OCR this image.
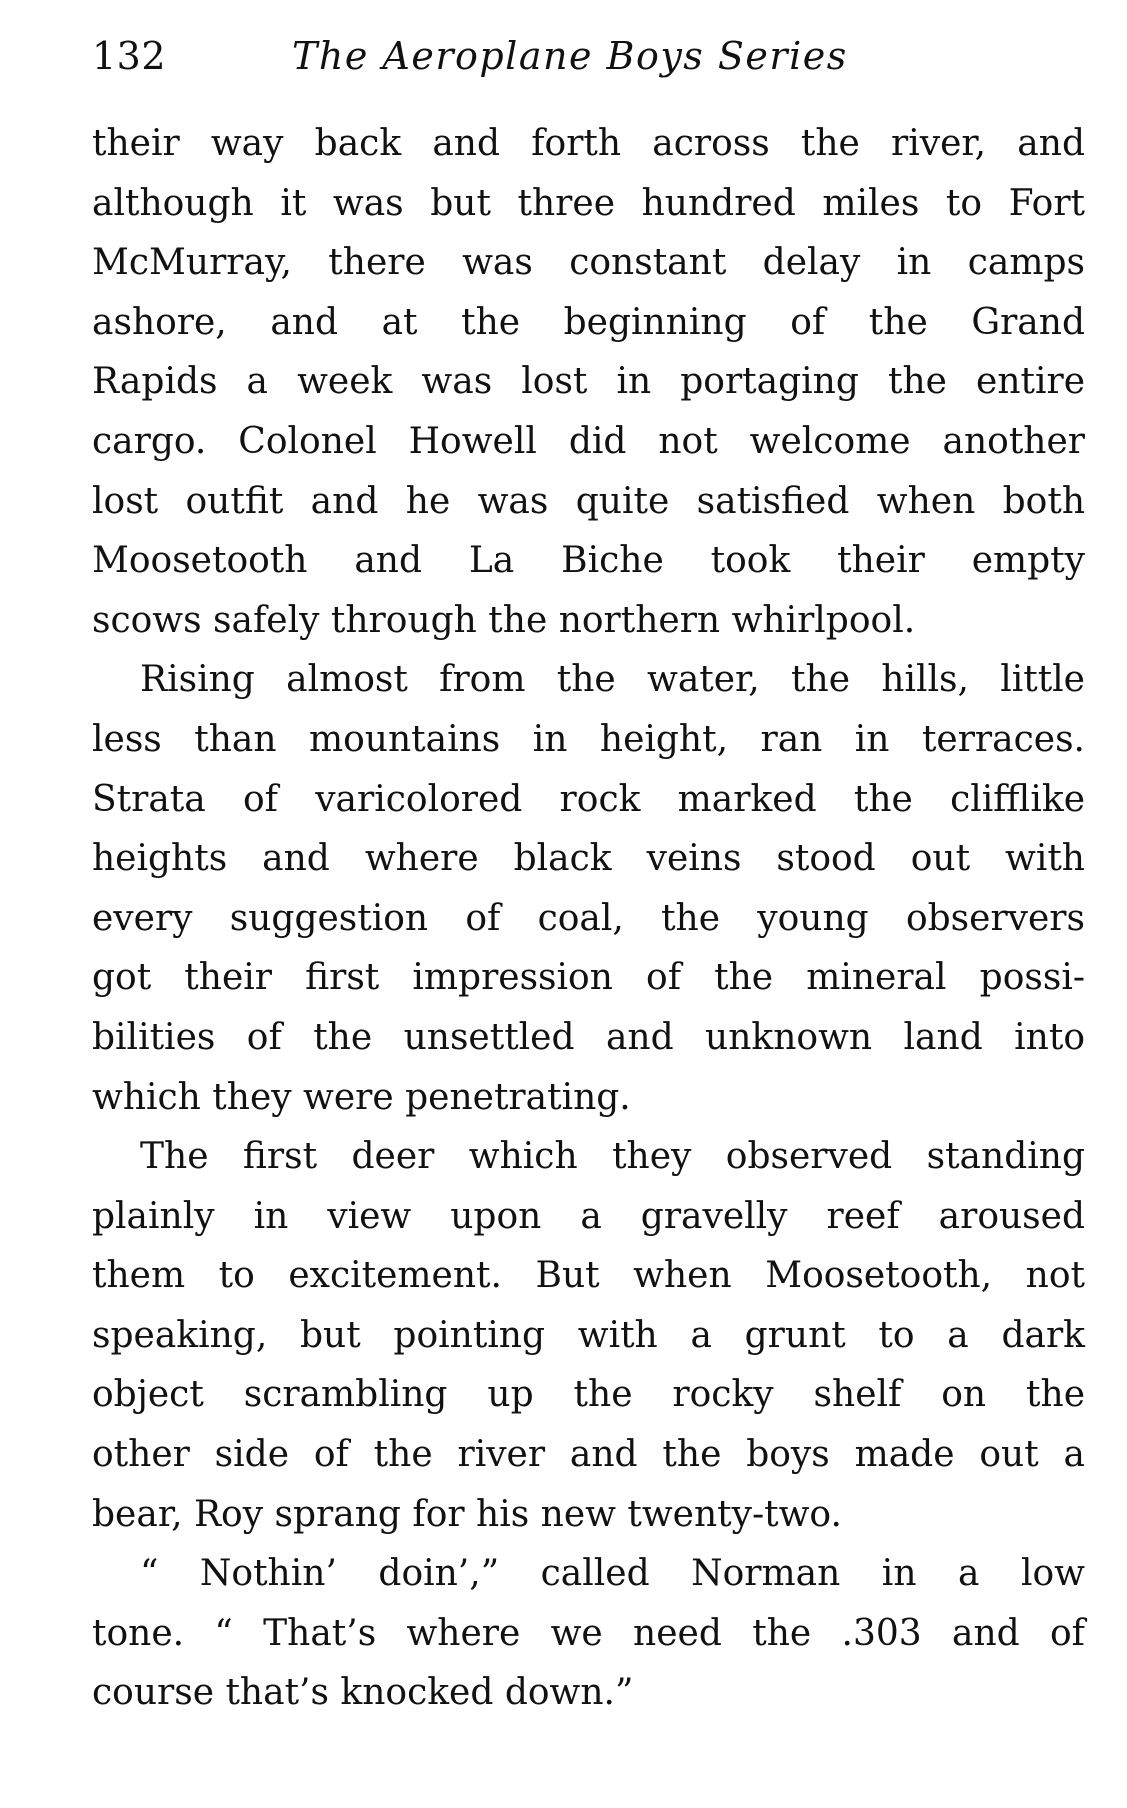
132	The Aeroplane Boys Series
their way back and forth across the river, and
although it was but three hundred miles to Fort
McMurray, there was constant delay in camps
ashore, and at the beginning of the Grand
Rapids a week was lost in portaging the entire
cargo. Colonel Howell did not welcome another
lost outfit and he was quite satisfied when both
Moosetooth and La Biche took their empty
scows safely through the northern whirlpool.
Rising almost from the water, the hills, little
less than mountains in height, ran in terraces.
Strata of varicolored rock marked the clifflike
heights and where black veins stood out with
every suggestion of coal, the young observers
got their first impression of the mineral possi-
bilities of the unsettled and unknown land into
which they were penetrating.
The first deer which they observed standing
plainly in view upon a gravelly reef aroused
them to excitement. But when Moosetooth, not
speaking, but pointing with a grunt to a dark
object scrambling up the rocky shelf on the
other side of the river and the boys made out a
bear, Roy sprang for his new twenty-two.
“ Nothin’ doin’,” called Norman in a low
tone. “ That’s where we need the .303 and of
course that’s knocked down.”
